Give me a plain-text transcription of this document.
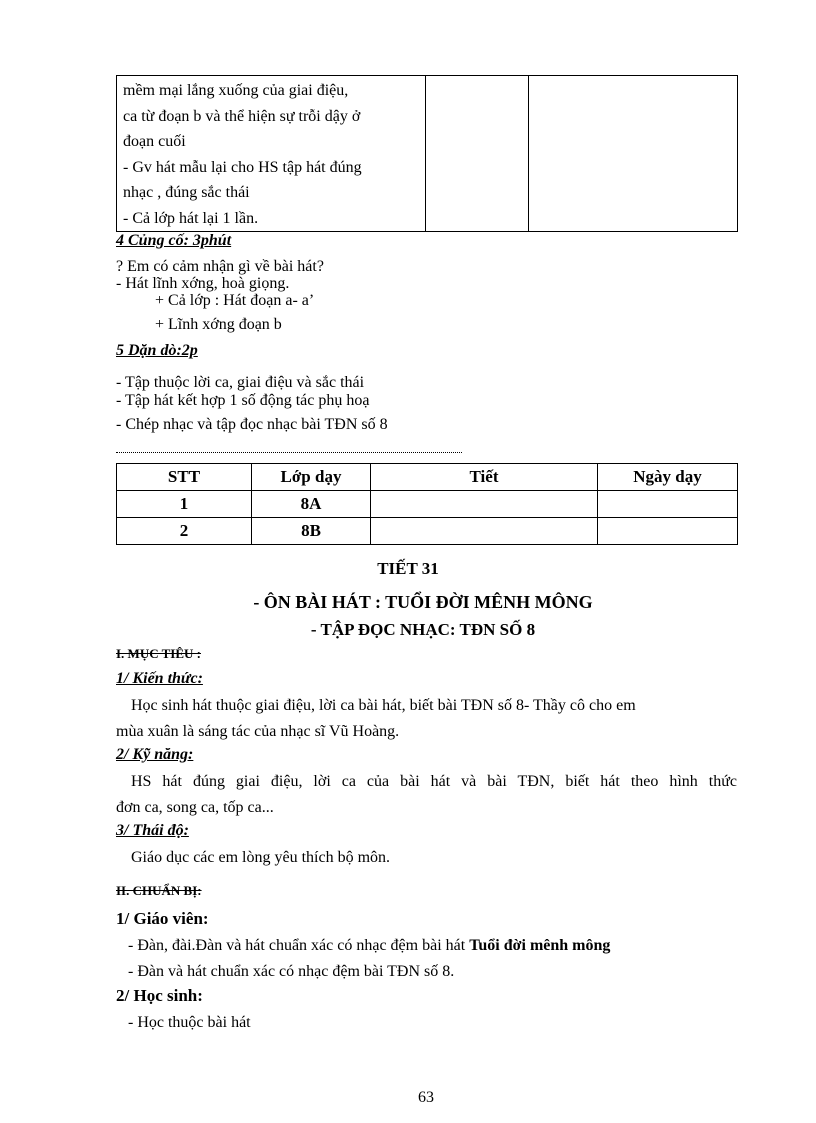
mềm mại lắng xuống của giai điệu,
ca từ đoạn b và thể hiện sự trỗi dậy ở
đoạn cuối
- Gv hát mẫu lại cho HS tập hát đúng
nhạc , đúng sắc thái
- Cả lớp hát lại 1 lần.

4 Củng cố: 3phút
? Em có cảm nhận gì về bài hát?
- Hát lĩnh xớng, hoà giọng.
+ Cả lớp : Hát đoạn a- a’
+ Lĩnh xớng đoạn b
5 Dặn dò:2p
- Tập thuộc lời ca, giai điệu và sắc thái
- Tập hát kết hợp 1 số động tác phụ hoạ
- Chép nhạc và tập đọc nhạc bài TĐN số 8
STT	Lớp dạy	Tiết	Ngày dạy
1	8A		
2	8B		
TIẾT 31
- ÔN BÀI HÁT : TUỔI ĐỜI MÊNH MÔNG
- TẬP ĐỌC NHẠC: TĐN SỐ 8
I. MỤC TIÊU :
1/ Kiến thức:
Học sinh hát thuộc giai điệu, lời ca bài hát, biết bài TĐN số 8- Thầy cô cho em
mùa xuân là sáng tác của nhạc sĩ Vũ Hoàng.
2/ Kỹ năng:
HS hát đúng giai điệu, lời ca của bài hát và bài TĐN, biết hát theo hình thức
đơn ca, song ca, tốp ca...
3/ Thái độ:
Giáo dục các em lòng yêu thích bộ môn.
II. CHUẨN BỊ:
1/ Giáo viên:
- Đàn, đài.Đàn và hát chuẩn xác có nhạc đệm bài hát Tuổi đời mênh mông
- Đàn và hát chuẩn xác có nhạc đệm bài TĐN số 8.
2/ Học sinh:
- Học thuộc bài hát
63
